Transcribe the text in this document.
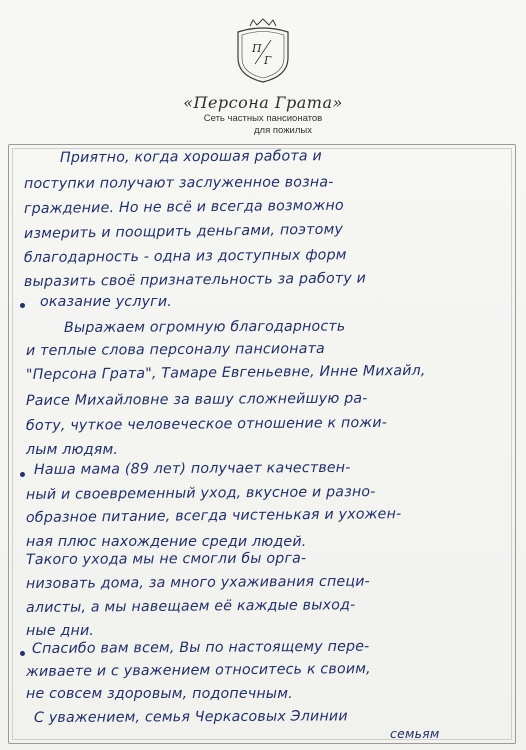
П
Г
«Персона Грата»
Сеть частных пансионатов
для пожилых
Приятно, когда хорошая работа и
поступки получают заслуженное возна-
граждение. Но не всё и всегда возможно
измерить и поощрить деньгами, поэтому
благодарность - одна из доступных форм
выразить своё признательность за работу и
оказание услуги.
Выражаем огромную благодарность
и теплые слова персоналу пансионата
"Персона Грата", Тамаре Евгеньевне, Инне Михайл,
Раисе Михайловне за вашу сложнейшую ра-
боту, чуткое человеческое отношение к пожи-
лым людям.
Наша мама (89 лет) получает качествен-
ный и своевременный уход, вкусное и разно-
образное питание, всегда чистенькая и ухожен-
ная плюс нахождение среди людей.
Такого ухода мы не смогли бы орга-
низовать дома, за много ухаживания специ-
алисты, а мы навещаем её каждые выход-
ные дни.
Спасибо вам всем, Вы по настоящему пере-
живаете и с уважением относитесь к своим,
не совсем здоровым, подопечным.
С уважением, семья Черкасовых Элинии
семьям
